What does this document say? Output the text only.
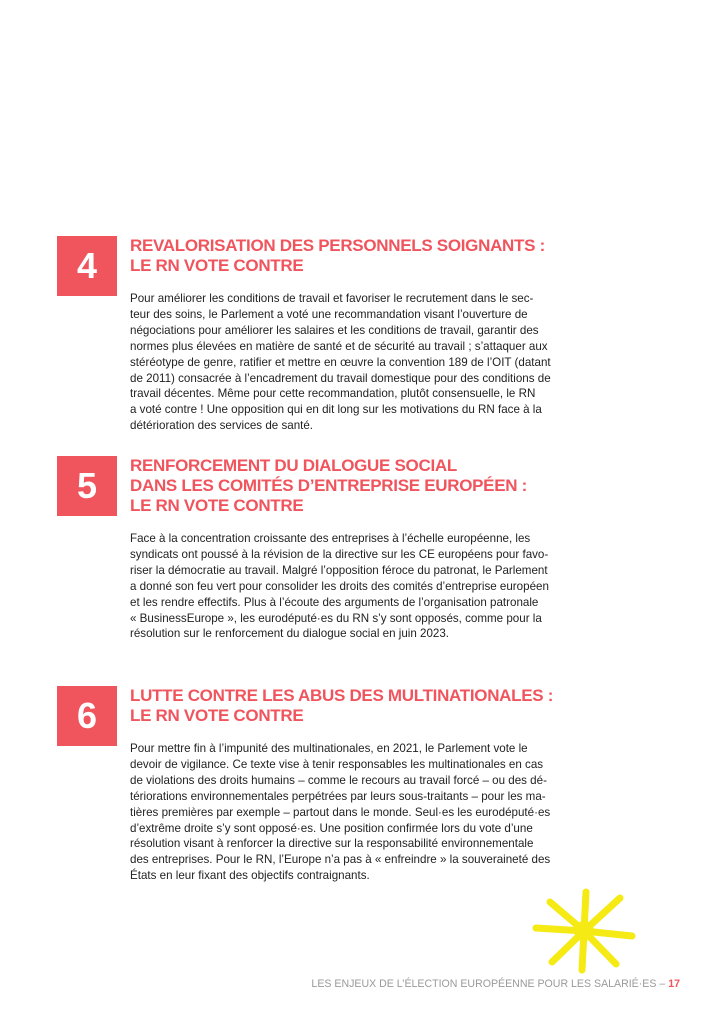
4	REVALORISATION DES PERSONNELS SOIGNANTS :
LE RN VOTE CONTRE
Pour améliorer les conditions de travail et favoriser le recrutement dans le sec-
teur des soins, le Parlement a voté une recommandation visant l’ouverture de
négociations pour améliorer les salaires et les conditions de travail, garantir des
normes plus élevées en matière de santé et de sécurité au travail ; s’attaquer aux
stéréotype de genre, ratifier et mettre en œuvre la convention 189 de l’OIT (datant
de 2011) consacrée à l’encadrement du travail domestique pour des conditions de
travail décentes. Même pour cette recommandation, plutôt consensuelle, le RN
a voté contre ! Une opposition qui en dit long sur les motivations du RN face à la
détérioration des services de santé.
5	RENFORCEMENT DU DIALOGUE SOCIAL
DANS LES COMITÉS D’ENTREPRISE EUROPÉEN :
LE RN VOTE CONTRE
Face à la concentration croissante des entreprises à l’échelle européenne, les
syndicats ont poussé à la révision de la directive sur les CE européens pour favo-
riser la démocratie au travail. Malgré l’opposition féroce du patronat, le Parlement
a donné son feu vert pour consolider les droits des comités d’entreprise européen
et les rendre effectifs. Plus à l’écoute des arguments de l’organisation patronale
« BusinessEurope », les eurodéputé·es du RN s’y sont opposés, comme pour la
résolution sur le renforcement du dialogue social en juin 2023.
6	LUTTE CONTRE LES ABUS DES MULTINATIONALES :
LE RN VOTE CONTRE
Pour mettre fin à l’impunité des multinationales, en 2021, le Parlement vote le
devoir de vigilance. Ce texte vise à tenir responsables les multinationales en cas
de violations des droits humains – comme le recours au travail forcé – ou des dé-
tériorations environnementales perpétrées par leurs sous-traitants – pour les ma-
tières premières par exemple – partout dans le monde. Seul·es les eurodéputé·es
d’extrême droite s’y sont opposé·es. Une position confirmée lors du vote d’une
résolution visant à renforcer la directive sur la responsabilité environnementale
des entreprises. Pour le RN, l’Europe n’a pas à « enfreindre » la souveraineté des
États en leur fixant des objectifs contraignants.
LES ENJEUX DE L’ÉLECTION EUROPÉENNE POUR LES SALARIÉ·ES – 17
